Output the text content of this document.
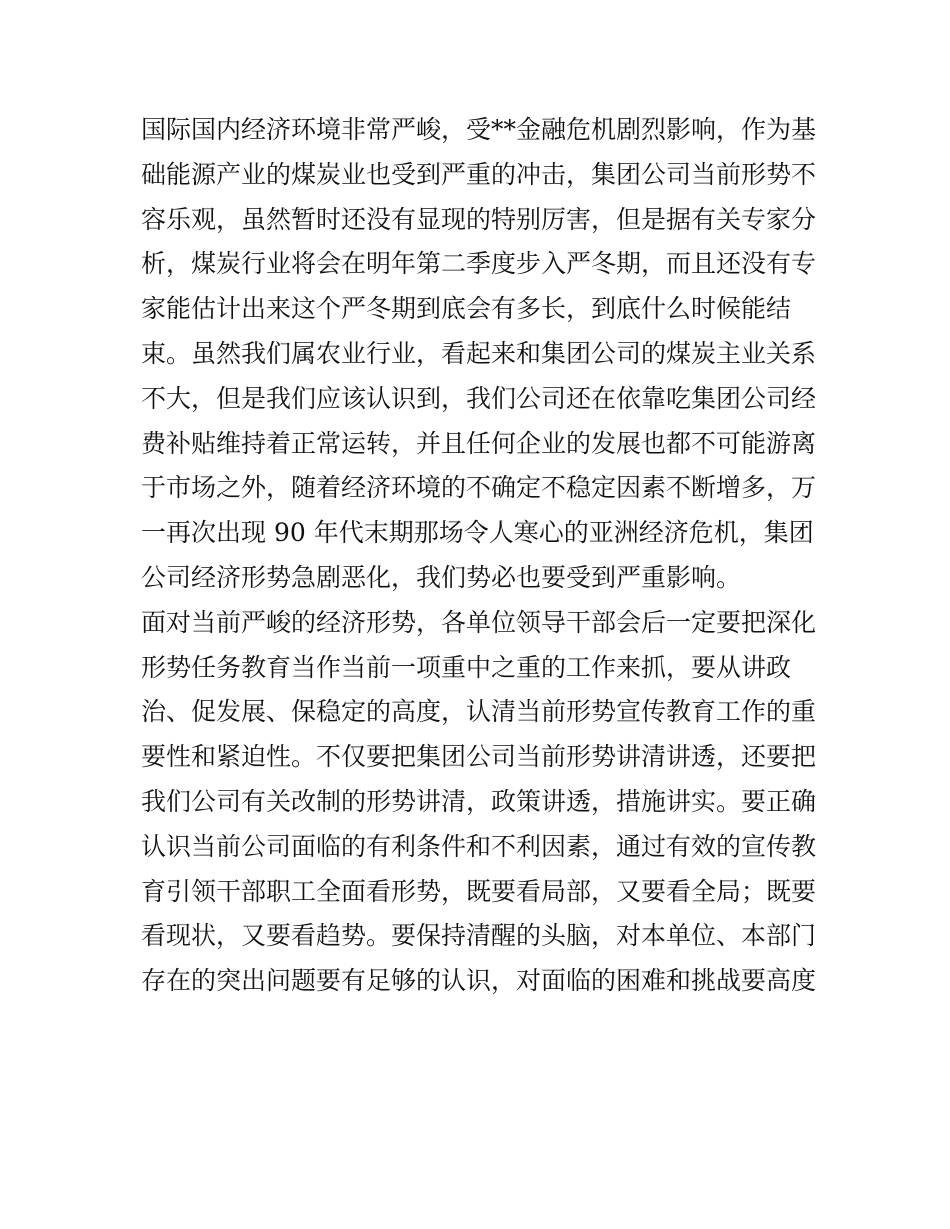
国际国内经济环境非常严峻，受**金融危机剧烈影响，作为基
础能源产业的煤炭业也受到严重的冲击，集团公司当前形势不
容乐观，虽然暂时还没有显现的特别厉害，但是据有关专家分
析，煤炭行业将会在明年第二季度步入严冬期，而且还没有专
家能估计出来这个严冬期到底会有多长，到底什么时候能结
束。虽然我们属农业行业，看起来和集团公司的煤炭主业关系
不大，但是我们应该认识到，我们公司还在依靠吃集团公司经
费补贴维持着正常运转，并且任何企业的发展也都不可能游离
于市场之外，随着经济环境的不确定不稳定因素不断增多，万
一再次出现 90 年代末期那场令人寒心的亚洲经济危机，集团
公司经济形势急剧恶化，我们势必也要受到严重影响。
面对当前严峻的经济形势，各单位领导干部会后一定要把深化
形势任务教育当作当前一项重中之重的工作来抓，要从讲政
治、促发展、保稳定的高度，认清当前形势宣传教育工作的重
要性和紧迫性。不仅要把集团公司当前形势讲清讲透，还要把
我们公司有关改制的形势讲清，政策讲透，措施讲实。要正确
认识当前公司面临的有利条件和不利因素，通过有效的宣传教
育引领干部职工全面看形势，既要看局部，又要看全局；既要
看现状，又要看趋势。要保持清醒的头脑，对本单位、本部门
存在的突出问题要有足够的认识，对面临的困难和挑战要高度
